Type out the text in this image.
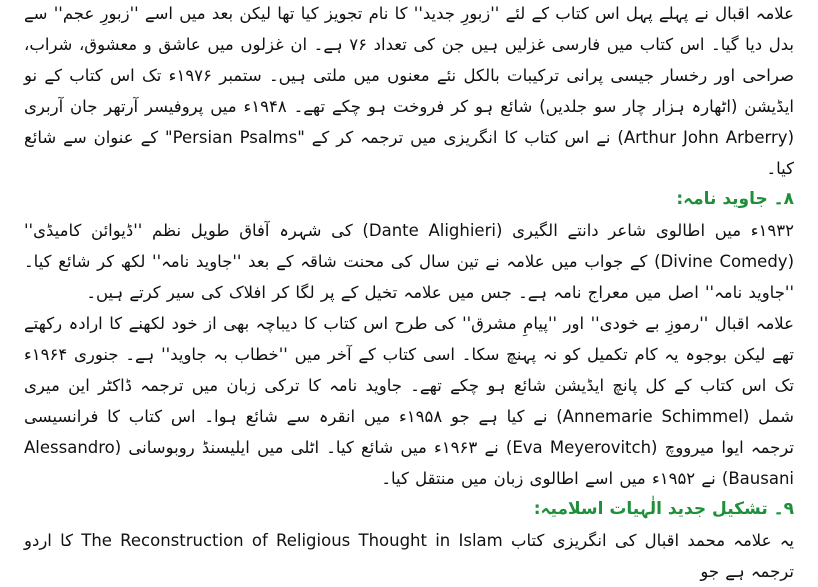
علامہ اقبال نے پہلے پہل اس کتاب کے لئے ''زبورِ جدید'' کا نام تجویز کیا تھا لیکن بعد میں اسے ''زبورِ عجم'' سے بدل دیا گیا۔ اس کتاب میں فارسی غزلیں ہیں جن کی تعداد ۷۶ ہے۔ ان غزلوں میں عاشق و معشوق، شراب، صراحی اور رخسار جیسی پرانی ترکیبات بالکل نئے معنوں میں ملتی ہیں۔ ستمبر ۱۹۷۶ء تک اس کتاب کے نو ایڈیشن (اٹھارہ ہزار چار سو جلدیں) شائع ہو کر فروخت ہو چکے تھے۔ ۱۹۴۸ء میں پروفیسر آرتھر جان آربری (Arthur John Arberry) نے اس کتاب کا انگریزی میں ترجمہ کر کے "Persian Psalms" کے عنوان سے شائع کیا۔

۸۔ جاوید نامہ:

۱۹۳۲ء میں اطالوی شاعر دانتے الگیری (Dante Alighieri) کی شہرہ آفاق طویل نظم ''ڈیوائن کامیڈی'' (Divine Comedy) کے جواب میں علامہ نے تین سال کی محنت شاقہ کے بعد ''جاوید نامہ'' لکھ کر شائع کیا۔ ''جاوید نامہ'' اصل میں معراج نامہ ہے۔ جس میں علامہ تخیل کے پر لگا کر افلاک کی سیر کرتے ہیں۔

علامہ اقبال ''رموزِ بے خودی'' اور ''پیامِ مشرق'' کی طرح اس کتاب کا دیباچہ بھی از خود لکھنے کا ارادہ رکھتے تھے لیکن بوجوہ یہ کام تکمیل کو نہ پہنچ سکا۔ اسی کتاب کے آخر میں ''خطاب بہ جاوید'' ہے۔ جنوری ۱۹۶۴ء تک اس کتاب کے کل پانچ ایڈیشن شائع ہو چکے تھے۔ جاوید نامہ کا ترکی زبان میں ترجمہ ڈاکٹر این میری شمل (Annemarie Schimmel) نے کیا ہے جو ۱۹۵۸ء میں انقرہ سے شائع ہوا۔ اس کتاب کا فرانسیسی ترجمہ ایوا میرووچ (Eva Meyerovitch) نے ۱۹۶۳ء میں شائع کیا۔ اٹلی میں ایلیسنڈ روبوسانی (Alessandro Bausani) نے ۱۹۵۲ء میں اسے اطالوی زبان میں منتقل کیا۔

۹۔ تشکیل جدید الٰہیات اسلامیہ:

یہ علامہ محمد اقبال کی انگریزی کتاب The Reconstruction of Religious Thought in Islam کا اردو ترجمہ ہے جو
